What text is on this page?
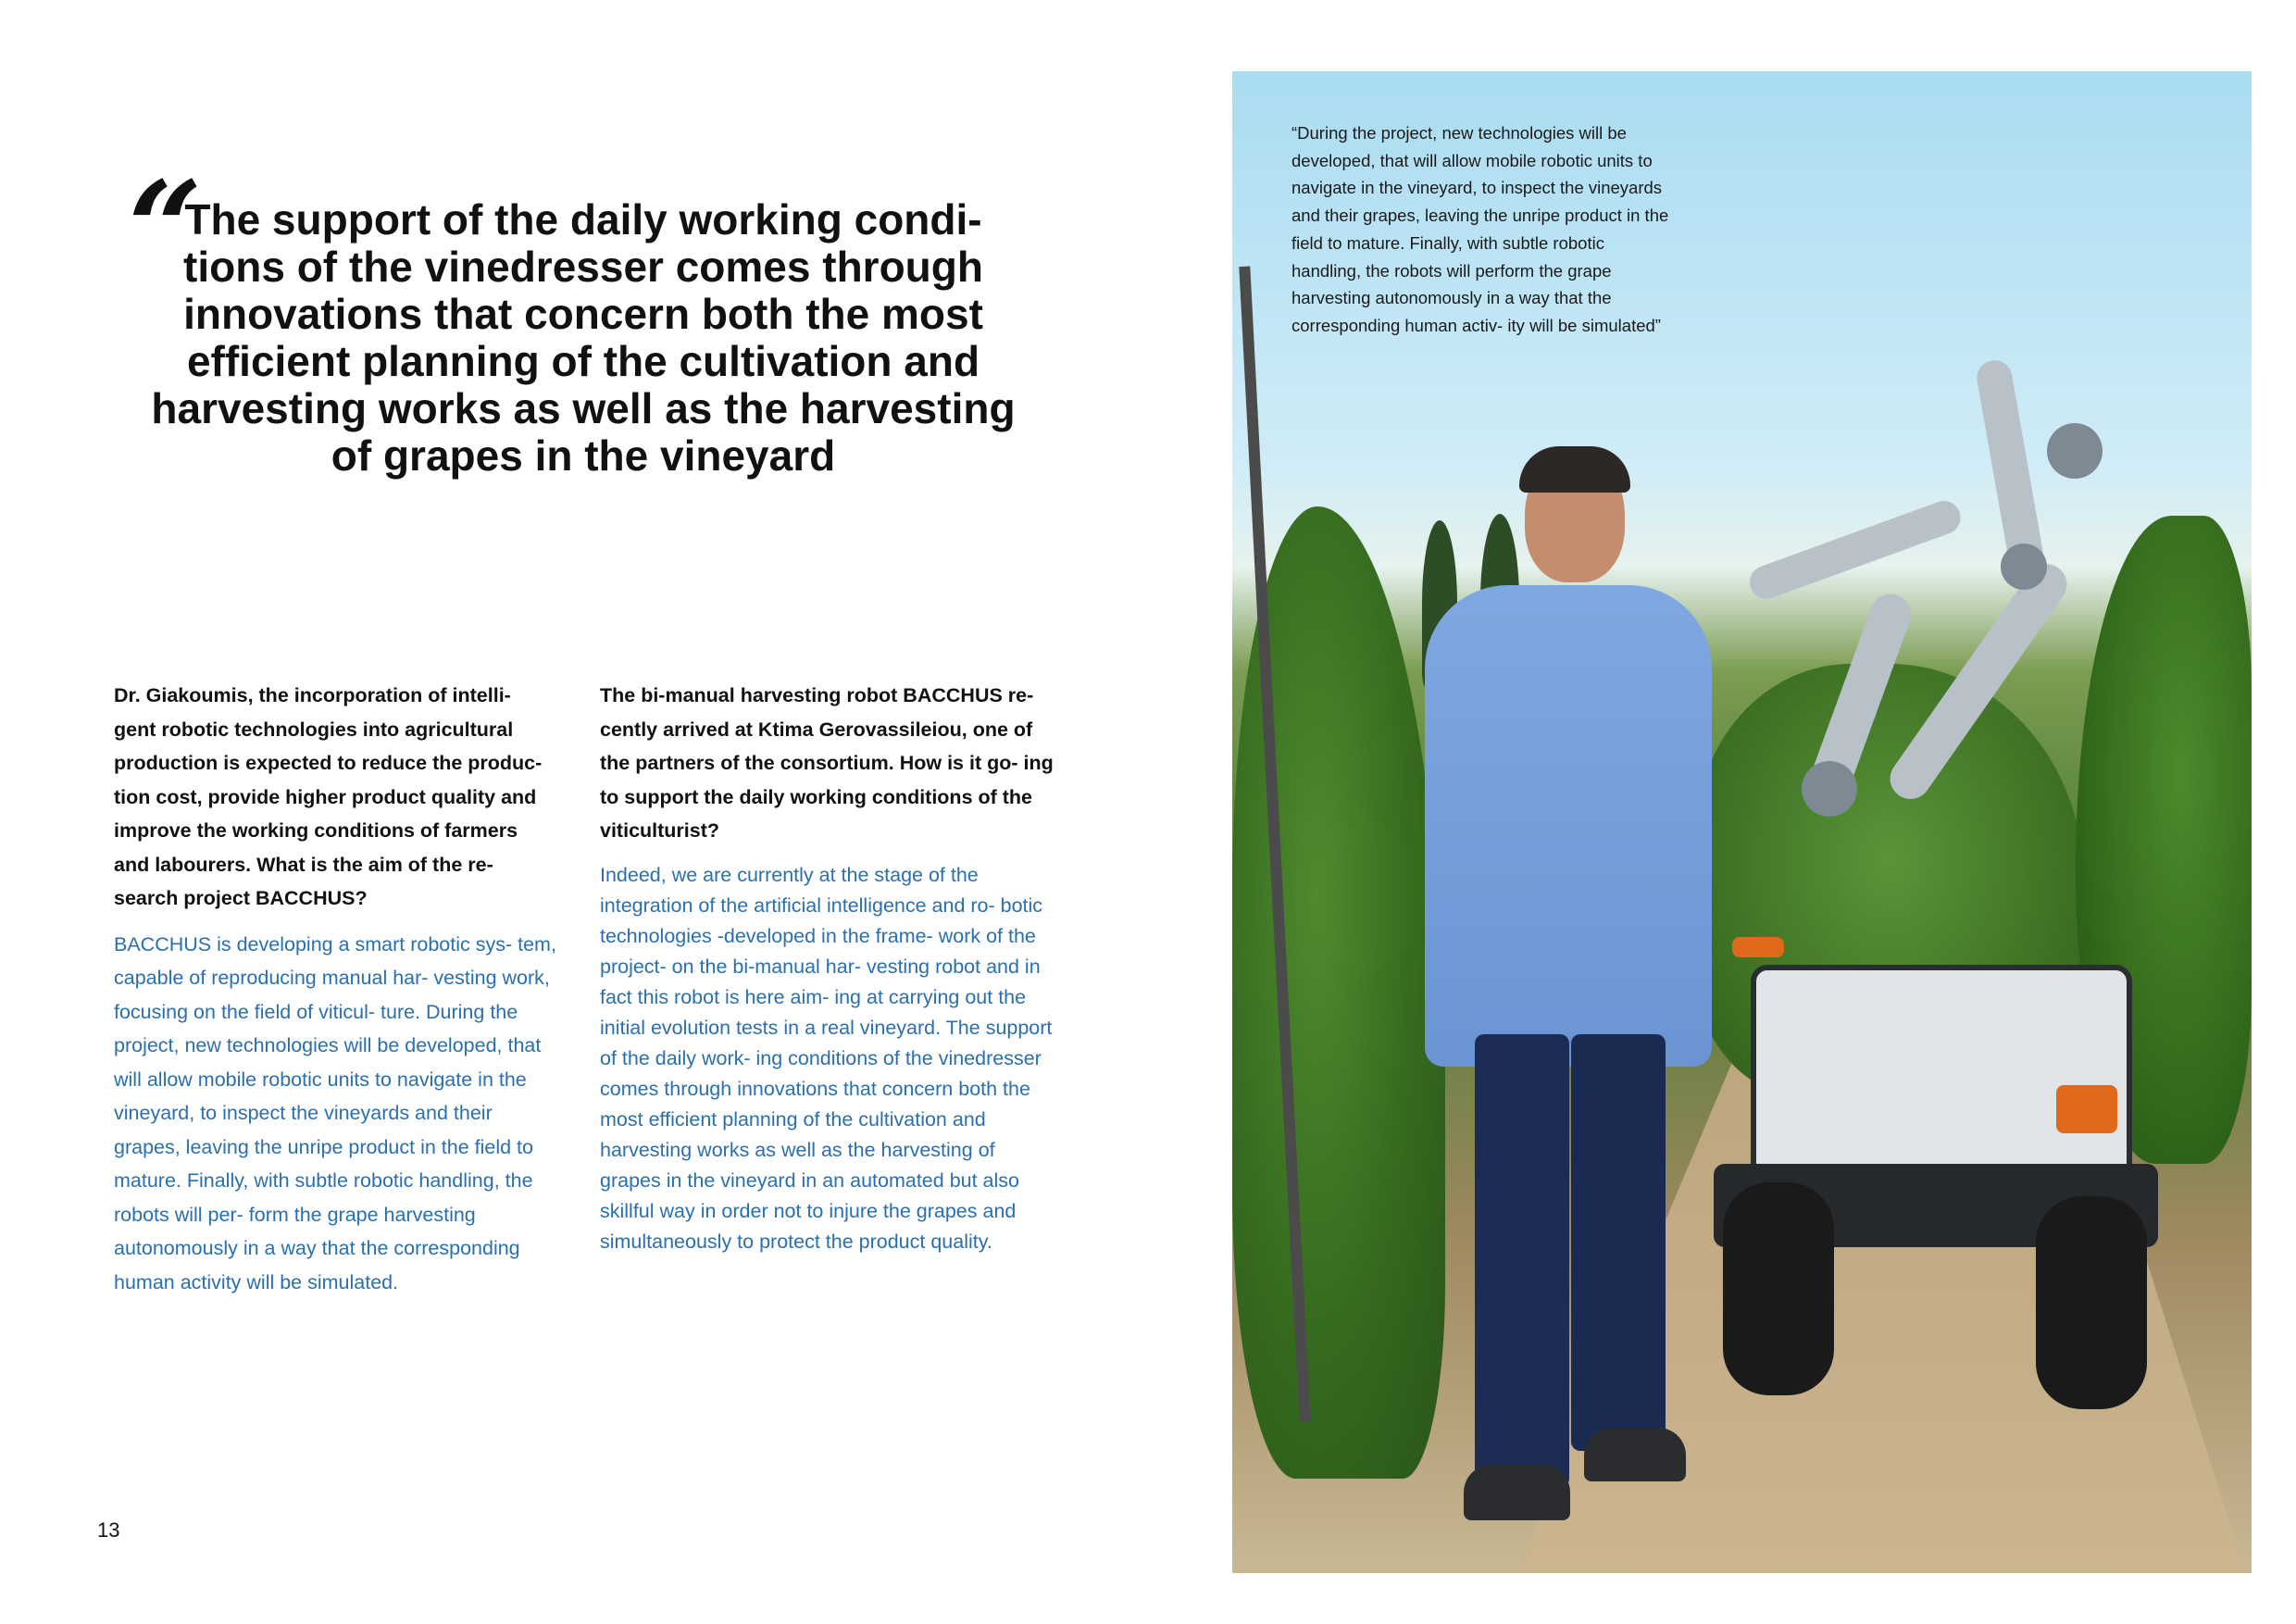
“

The support of the daily working condi- tions of the vinedresser comes through innovations that concern both the most efficient planning of the cultivation and harvesting works as well as the harvesting of grapes in the vineyard

Dr. Giakoumis, the incorporation of intelli- gent robotic technologies into agricultural production is expected to reduce the produc- tion cost, provide higher product quality and improve the working conditions of farmers and labourers. What is the aim of the re- search project BACCHUS?

BACCHUS is developing a smart robotic sys- tem, capable of reproducing manual har- vesting work, focusing on the field of viticul- ture. During the project, new technologies will be developed, that will allow mobile robotic units to navigate in the vineyard, to inspect the vineyards and their grapes, leaving the unripe product in the field to mature. Finally, with subtle robotic handling, the robots will per- form the grape harvesting autonomously in a way that the corresponding human activity will be simulated.

The bi-manual harvesting robot BACCHUS re- cently arrived at Ktima Gerovassileiou, one of the partners of the consortium. How is it go- ing to support the daily working conditions of the viticulturist?

Indeed, we are currently at the stage of the integration of the artificial intelligence and ro- botic technologies -developed in the frame- work of the project- on the bi-manual har- vesting robot and in fact this robot is here aim- ing at carrying out the initial evolution tests in a real vineyard. The support of the daily work- ing conditions of the vinedresser comes through innovations that concern both the most efficient planning of the cultivation and harvesting works as well as the harvesting of grapes in the vineyard in an automated but also skillful way in order not to injure the grapes and simultaneously to protect the product quality.

13

“During the project, new technologies will be developed, that will allow mobile robotic units to navigate in the vineyard, to inspect the vineyards and their grapes, leaving the unripe product in the field to mature. Finally, with subtle robotic handling, the robots will perform the grape harvesting autonomously in a way that the corresponding human activ- ity will be simulated”
